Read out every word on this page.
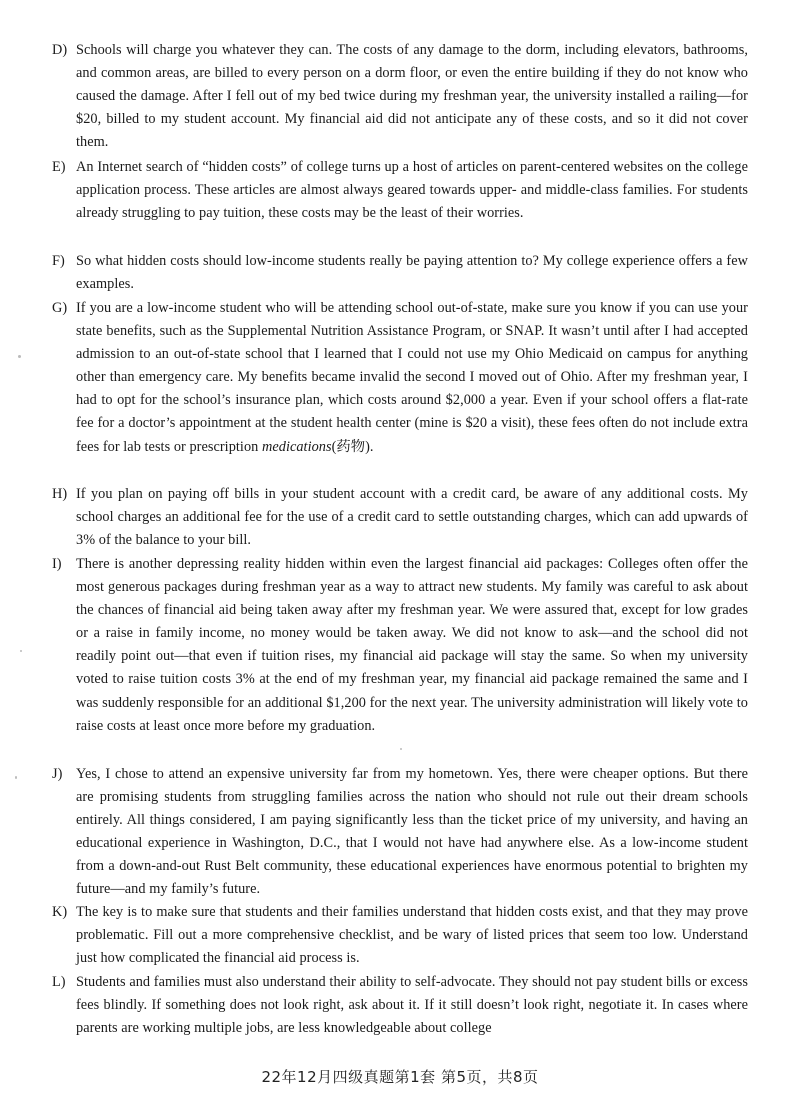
D) Schools will charge you whatever they can. The costs of any damage to the dorm, including elevators, bathrooms, and common areas, are billed to every person on a dorm floor, or even the entire building if they do not know who caused the damage. After I fell out of my bed twice during my freshman year, the university installed a railing—for $20, billed to my student account. My financial aid did not anticipate any of these costs, and so it did not cover them.
E) An Internet search of “hidden costs” of college turns up a host of articles on parent-centered websites on the college application process. These articles are almost always geared towards upper- and middle-class families. For students already struggling to pay tuition, these costs may be the least of their worries.
F) So what hidden costs should low-income students really be paying attention to? My college experience offers a few examples.
G) If you are a low-income student who will be attending school out-of-state, make sure you know if you can use your state benefits, such as the Supplemental Nutrition Assistance Program, or SNAP. It wasn’t until after I had accepted admission to an out-of-state school that I learned that I could not use my Ohio Medicaid on campus for anything other than emergency care. My benefits became invalid the second I moved out of Ohio. After my freshman year, I had to opt for the school’s insurance plan, which costs around $2,000 a year. Even if your school offers a flat-rate fee for a doctor’s appointment at the student health center (mine is $20 a visit), these fees often do not include extra fees for lab tests or prescription medications(药物).
H) If you plan on paying off bills in your student account with a credit card, be aware of any additional costs. My school charges an additional fee for the use of a credit card to settle outstanding charges, which can add upwards of 3% of the balance to your bill.
I) There is another depressing reality hidden within even the largest financial aid packages: Colleges often offer the most generous packages during freshman year as a way to attract new students. My family was careful to ask about the chances of financial aid being taken away after my freshman year. We were assured that, except for low grades or a raise in family income, no money would be taken away. We did not know to ask—and the school did not readily point out—that even if tuition rises, my financial aid package will stay the same. So when my university voted to raise tuition costs 3% at the end of my freshman year, my financial aid package remained the same and I was suddenly responsible for an additional $1,200 for the next year. The university administration will likely vote to raise costs at least once more before my graduation.
J) Yes, I chose to attend an expensive university far from my hometown. Yes, there were cheaper options. But there are promising students from struggling families across the nation who should not rule out their dream schools entirely. All things considered, I am paying significantly less than the ticket price of my university, and having an educational experience in Washington, D.C., that I would not have had anywhere else. As a low-income student from a down-and-out Rust Belt community, these educational experiences have enormous potential to brighten my future—and my family’s future.
K) The key is to make sure that students and their families understand that hidden costs exist, and that they may prove problematic. Fill out a more comprehensive checklist, and be wary of listed prices that seem too low. Understand just how complicated the financial aid process is.
L) Students and families must also understand their ability to self-advocate. They should not pay student bills or excess fees blindly. If something does not look right, ask about it. If it still doesn’t look right, negotiate it. In cases where parents are working multiple jobs, are less knowledgeable about college
22年12月四级真题第1套 第5页，共8页
